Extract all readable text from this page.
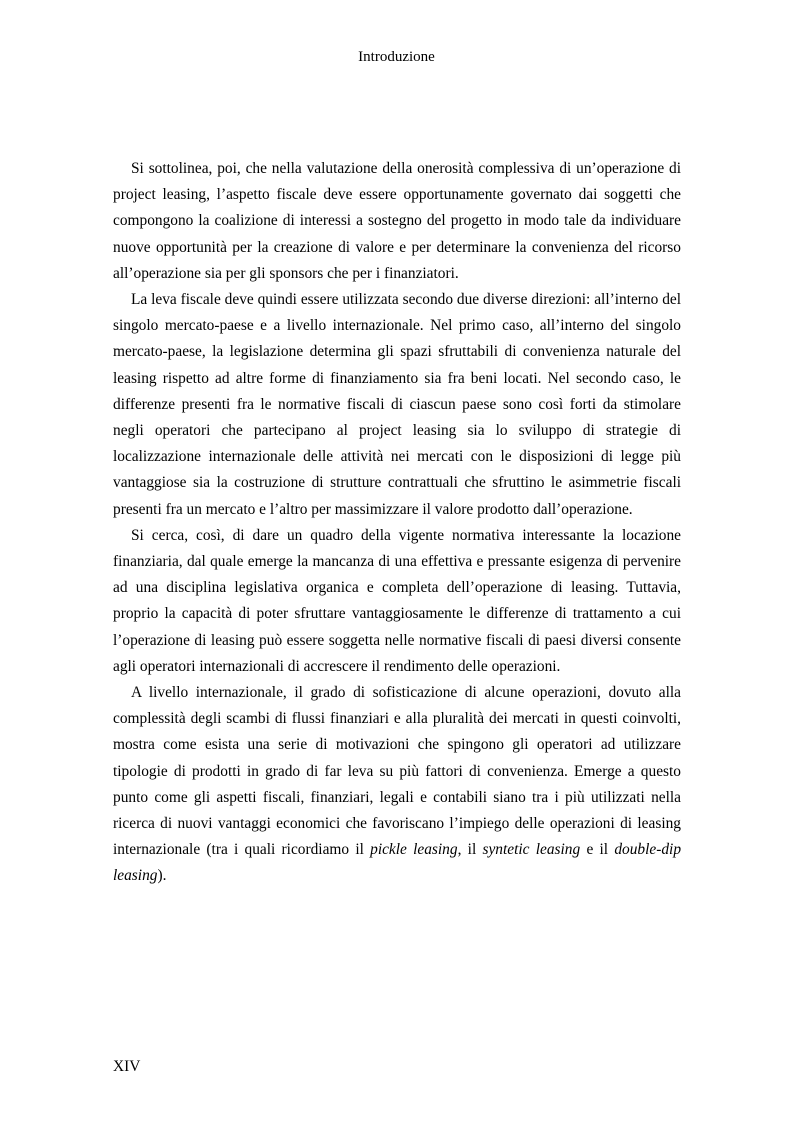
Introduzione

Si sottolinea, poi, che nella valutazione della onerosità complessiva di un’operazione di project leasing, l’aspetto fiscale deve essere opportunamente governato dai soggetti che compongono la coalizione di interessi a sostegno del progetto in modo tale da individuare nuove opportunità per la creazione di valore e per determinare la convenienza del ricorso all’operazione sia per gli sponsors che per i finanziatori.

La leva fiscale deve quindi essere utilizzata secondo due diverse direzioni: all’interno del singolo mercato-paese e a livello internazionale. Nel primo caso, all’interno del singolo mercato-paese, la legislazione determina gli spazi sfruttabili di convenienza naturale del leasing rispetto ad altre forme di finanziamento sia fra beni locati. Nel secondo caso, le differenze presenti fra le normative fiscali di ciascun paese sono così forti da stimolare negli operatori che partecipano al project leasing sia lo sviluppo di strategie di localizzazione internazionale delle attività nei mercati con le disposizioni di legge più vantaggiose sia la costruzione di strutture contrattuali che sfruttino le asimmetrie fiscali presenti fra un mercato e l’altro per massimizzare il valore prodotto dall’operazione.

Si cerca, così, di dare un quadro della vigente normativa interessante la locazione finanziaria, dal quale emerge la mancanza di una effettiva e pressante esigenza di pervenire ad una disciplina legislativa organica e completa dell’operazione di leasing. Tuttavia, proprio la capacità di poter sfruttare vantaggiosamente le differenze di trattamento a cui l’operazione di leasing può essere soggetta nelle normative fiscali di paesi diversi consente agli operatori internazionali di accrescere il rendimento delle operazioni.

A livello internazionale, il grado di sofisticazione di alcune operazioni, dovuto alla complessità degli scambi di flussi finanziari e alla pluralità dei mercati in questi coinvolti, mostra come esista una serie di motivazioni che spingono gli operatori ad utilizzare tipologie di prodotti in grado di far leva su più fattori di convenienza. Emerge a questo punto come gli aspetti fiscali, finanziari, legali e contabili siano tra i più utilizzati nella ricerca di nuovi vantaggi economici che favoriscano l’impiego delle operazioni di leasing internazionale (tra i quali ricordiamo il pickle leasing, il syntetic leasing e il double-dip leasing).

XIV
